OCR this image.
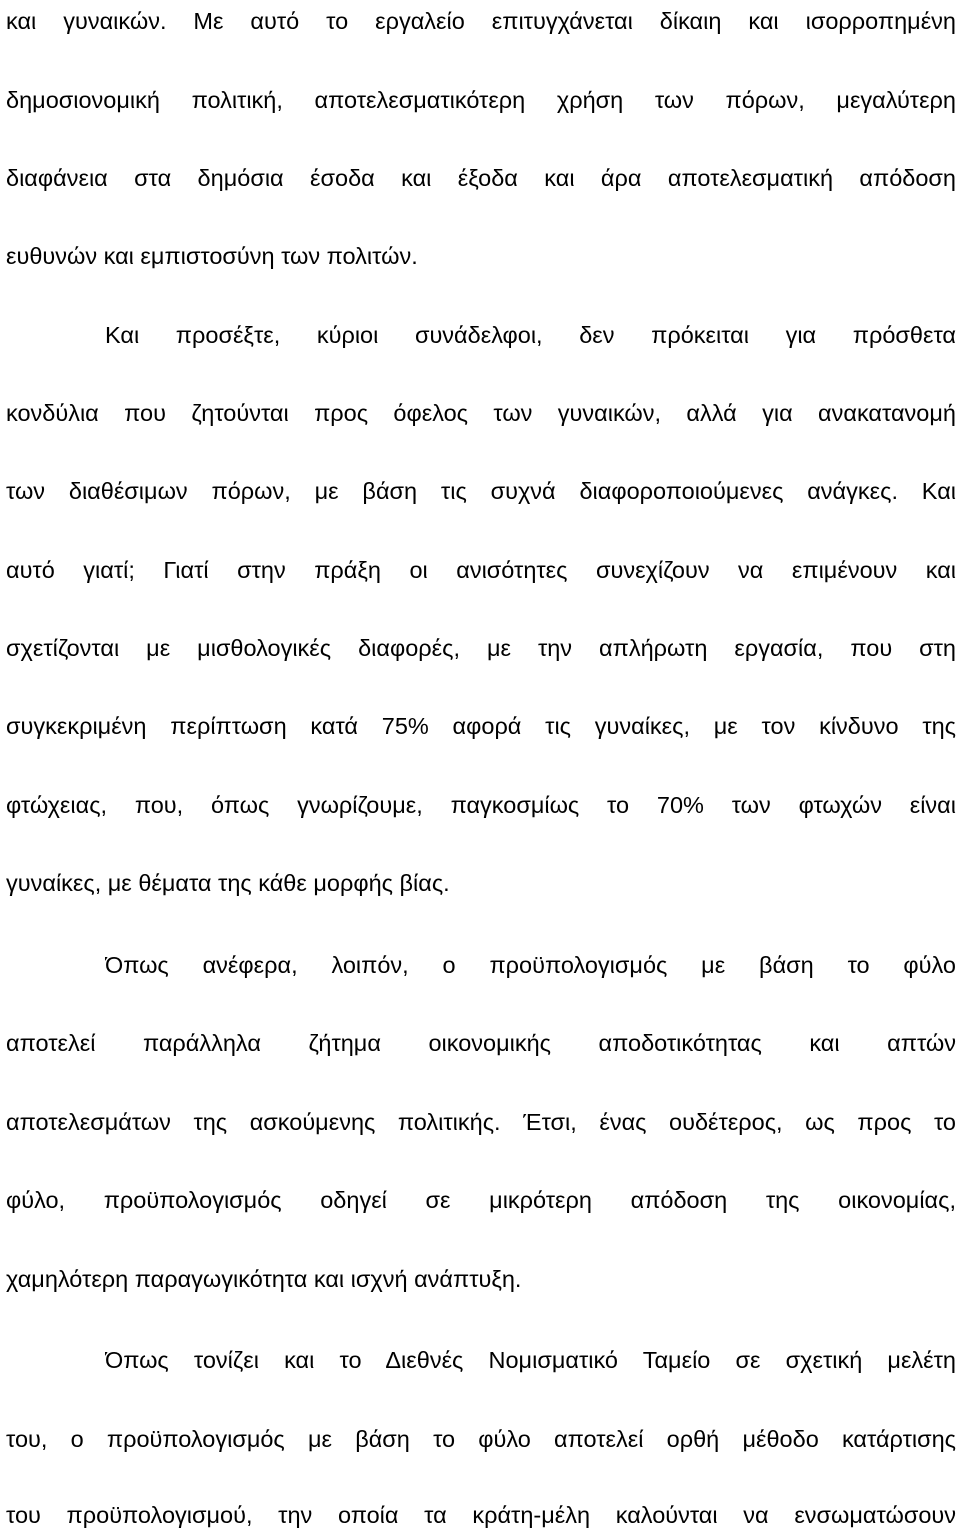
και γυναικών. Με αυτό το εργαλείο επιτυγχάνεται δίκαιη και ισορροπημένη
δημοσιονομική πολιτική, αποτελεσματικότερη χρήση των πόρων, μεγαλύτερη
διαφάνεια στα δημόσια έσοδα και έξοδα και άρα αποτελεσματική απόδοση
ευθυνών και εμπιστοσύνη των πολιτών.
Και προσέξτε, κύριοι συνάδελφοι, δεν πρόκειται για πρόσθετα
κονδύλια που ζητούνται προς όφελος των γυναικών, αλλά για ανακατανομή
των διαθέσιμων πόρων, με βάση τις συχνά διαφοροποιούμενες ανάγκες. Και
αυτό γιατί; Γιατί στην πράξη οι ανισότητες συνεχίζουν να επιμένουν και
σχετίζονται με μισθολογικές διαφορές, με την απλήρωτη εργασία, που στη
συγκεκριμένη περίπτωση κατά 75% αφορά τις γυναίκες, με τον κίνδυνο της
φτώχειας, που, όπως γνωρίζουμε, παγκοσμίως το 70% των φτωχών είναι
γυναίκες, με θέματα της κάθε μορφής βίας.
Όπως ανέφερα, λοιπόν, ο προϋπολογισμός με βάση το φύλο
αποτελεί παράλληλα ζήτημα οικονομικής αποδοτικότητας και απτών
αποτελεσμάτων της ασκούμενης πολιτικής. Έτσι, ένας ουδέτερος, ως προς το
φύλο, προϋπολογισμός οδηγεί σε μικρότερη απόδοση της οικονομίας,
χαμηλότερη παραγωγικότητα και ισχνή ανάπτυξη.
Όπως τονίζει και το Διεθνές Νομισματικό Ταμείο σε σχετική μελέτη
του, ο προϋπολογισμός με βάση το φύλο αποτελεί ορθή μέθοδο κατάρτισης
του προϋπολογισμού, την οποία τα κράτη-μέλη καλούνται να ενσωματώσουν
